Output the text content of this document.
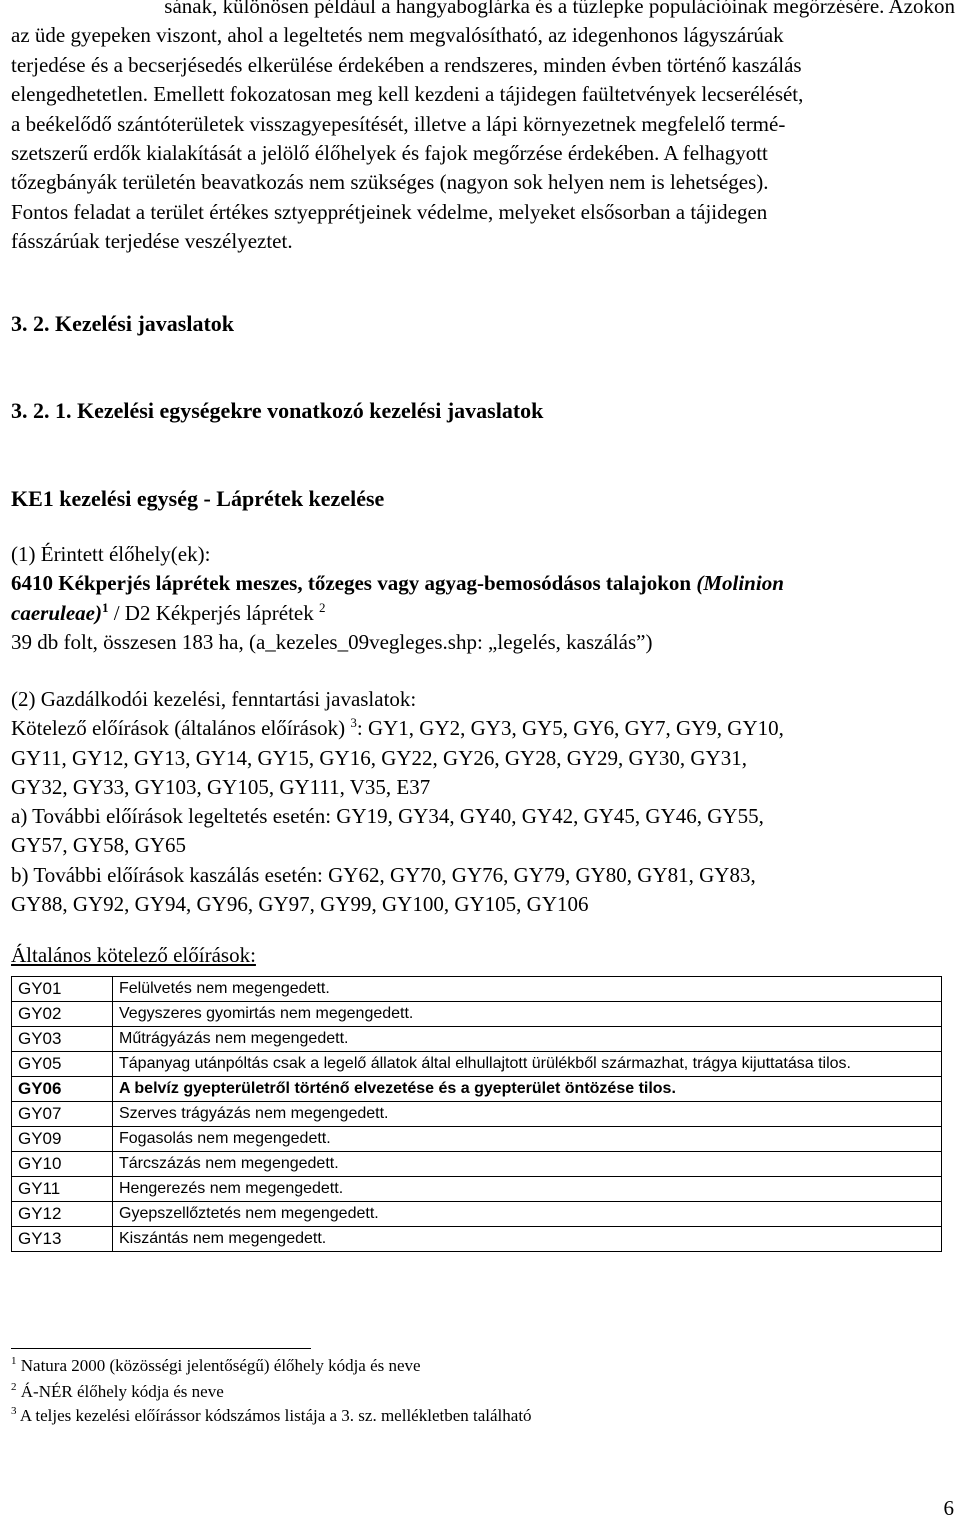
sának, különösen például a hangyaboglárka és a tűzlepke populációinak megőrzésére. Azokon
az üde gyepeken viszont, ahol a legeltetés nem megvalósítható, az idegenhonos lágyszárúak
terjedése és a becserjésedés elkerülése érdekében a rendszeres, minden évben történő kaszálás
elengedhetetlen. Emellett fokozatosan meg kell kezdeni a tájidegen faültetvények lecserélését,
a beékelődő szántóterületek visszagyepesítését, illetve a lápi környezetnek megfelelő termé-
szetszerű erdők kialakítását a jelölő élőhelyek és fajok megőrzése érdekében. A felhagyott
tőzegbányák területén beavatkozás nem szükséges (nagyon sok helyen nem is lehetséges).
Fontos feladat a terület értékes sztyepprétjeinek védelme, melyeket elsősorban a tájidegen
fásszárúak terjedése veszélyeztet.
3. 2. Kezelési javaslatok
3. 2. 1. Kezelési egységekre vonatkozó kezelési javaslatok
KE1 kezelési egység - Láprétek kezelése
(1) Érintett élőhely(ek):
6410 Kékperjés láprétek meszes, tőzeges vagy agyag-bemosódásos talajokon (Molinion
caeruleae)$^1$ / D2 Kékperjés láprétek $^2$
39 db folt, összesen 183 ha, (a_kezeles_09vegleges.shp: „legelés, kaszálás”)
(2) Gazdálkodói kezelési, fenntartási javaslatok:
Kötelező előírások (általános előírások) $^3$: GY1, GY2, GY3, GY5, GY6, GY7, GY9, GY10,
GY11, GY12, GY13, GY14, GY15, GY16, GY22, GY26, GY28, GY29, GY30, GY31,
GY32, GY33, GY103, GY105, GY111, V35, E37
a) További előírások legeltetés esetén: GY19, GY34, GY40, GY42, GY45, GY46, GY55,
GY57, GY58, GY65
b) További előírások kaszálás esetén: GY62, GY70, GY76, GY79, GY80, GY81, GY83,
GY88, GY92, GY94, GY96, GY97, GY99, GY100, GY105, GY106
Általános kötelező előírások:
GY01	Felülvetés nem megengedett.
GY02	Vegyszeres gyomirtás nem megengedett.
GY03	Műtrágyázás nem megengedett.
GY05	Tápanyag utánpóltás csak a legelő állatok által elhullajtott ürülékből származhat, trágya kijuttatása tilos.
GY06	A belvíz gyepterületről történő elvezetése és a gyepterület öntözése tilos.
GY07	Szerves trágyázás nem megengedett.
GY09	Fogasolás nem megengedett.
GY10	Tárcszázás nem megengedett.
GY11	Hengerezés nem megengedett.
GY12	Gyepszellőztetés nem megengedett.
GY13	Kiszántás nem megengedett.
$^1$ Natura 2000 (közösségi jelentőségű) élőhely kódja és neve
$^2$ Á-NÉR élőhely kódja és neve
$^3$ A teljes kezelési előírássor kódszámos listája a 3. sz. mellékletben található
6
